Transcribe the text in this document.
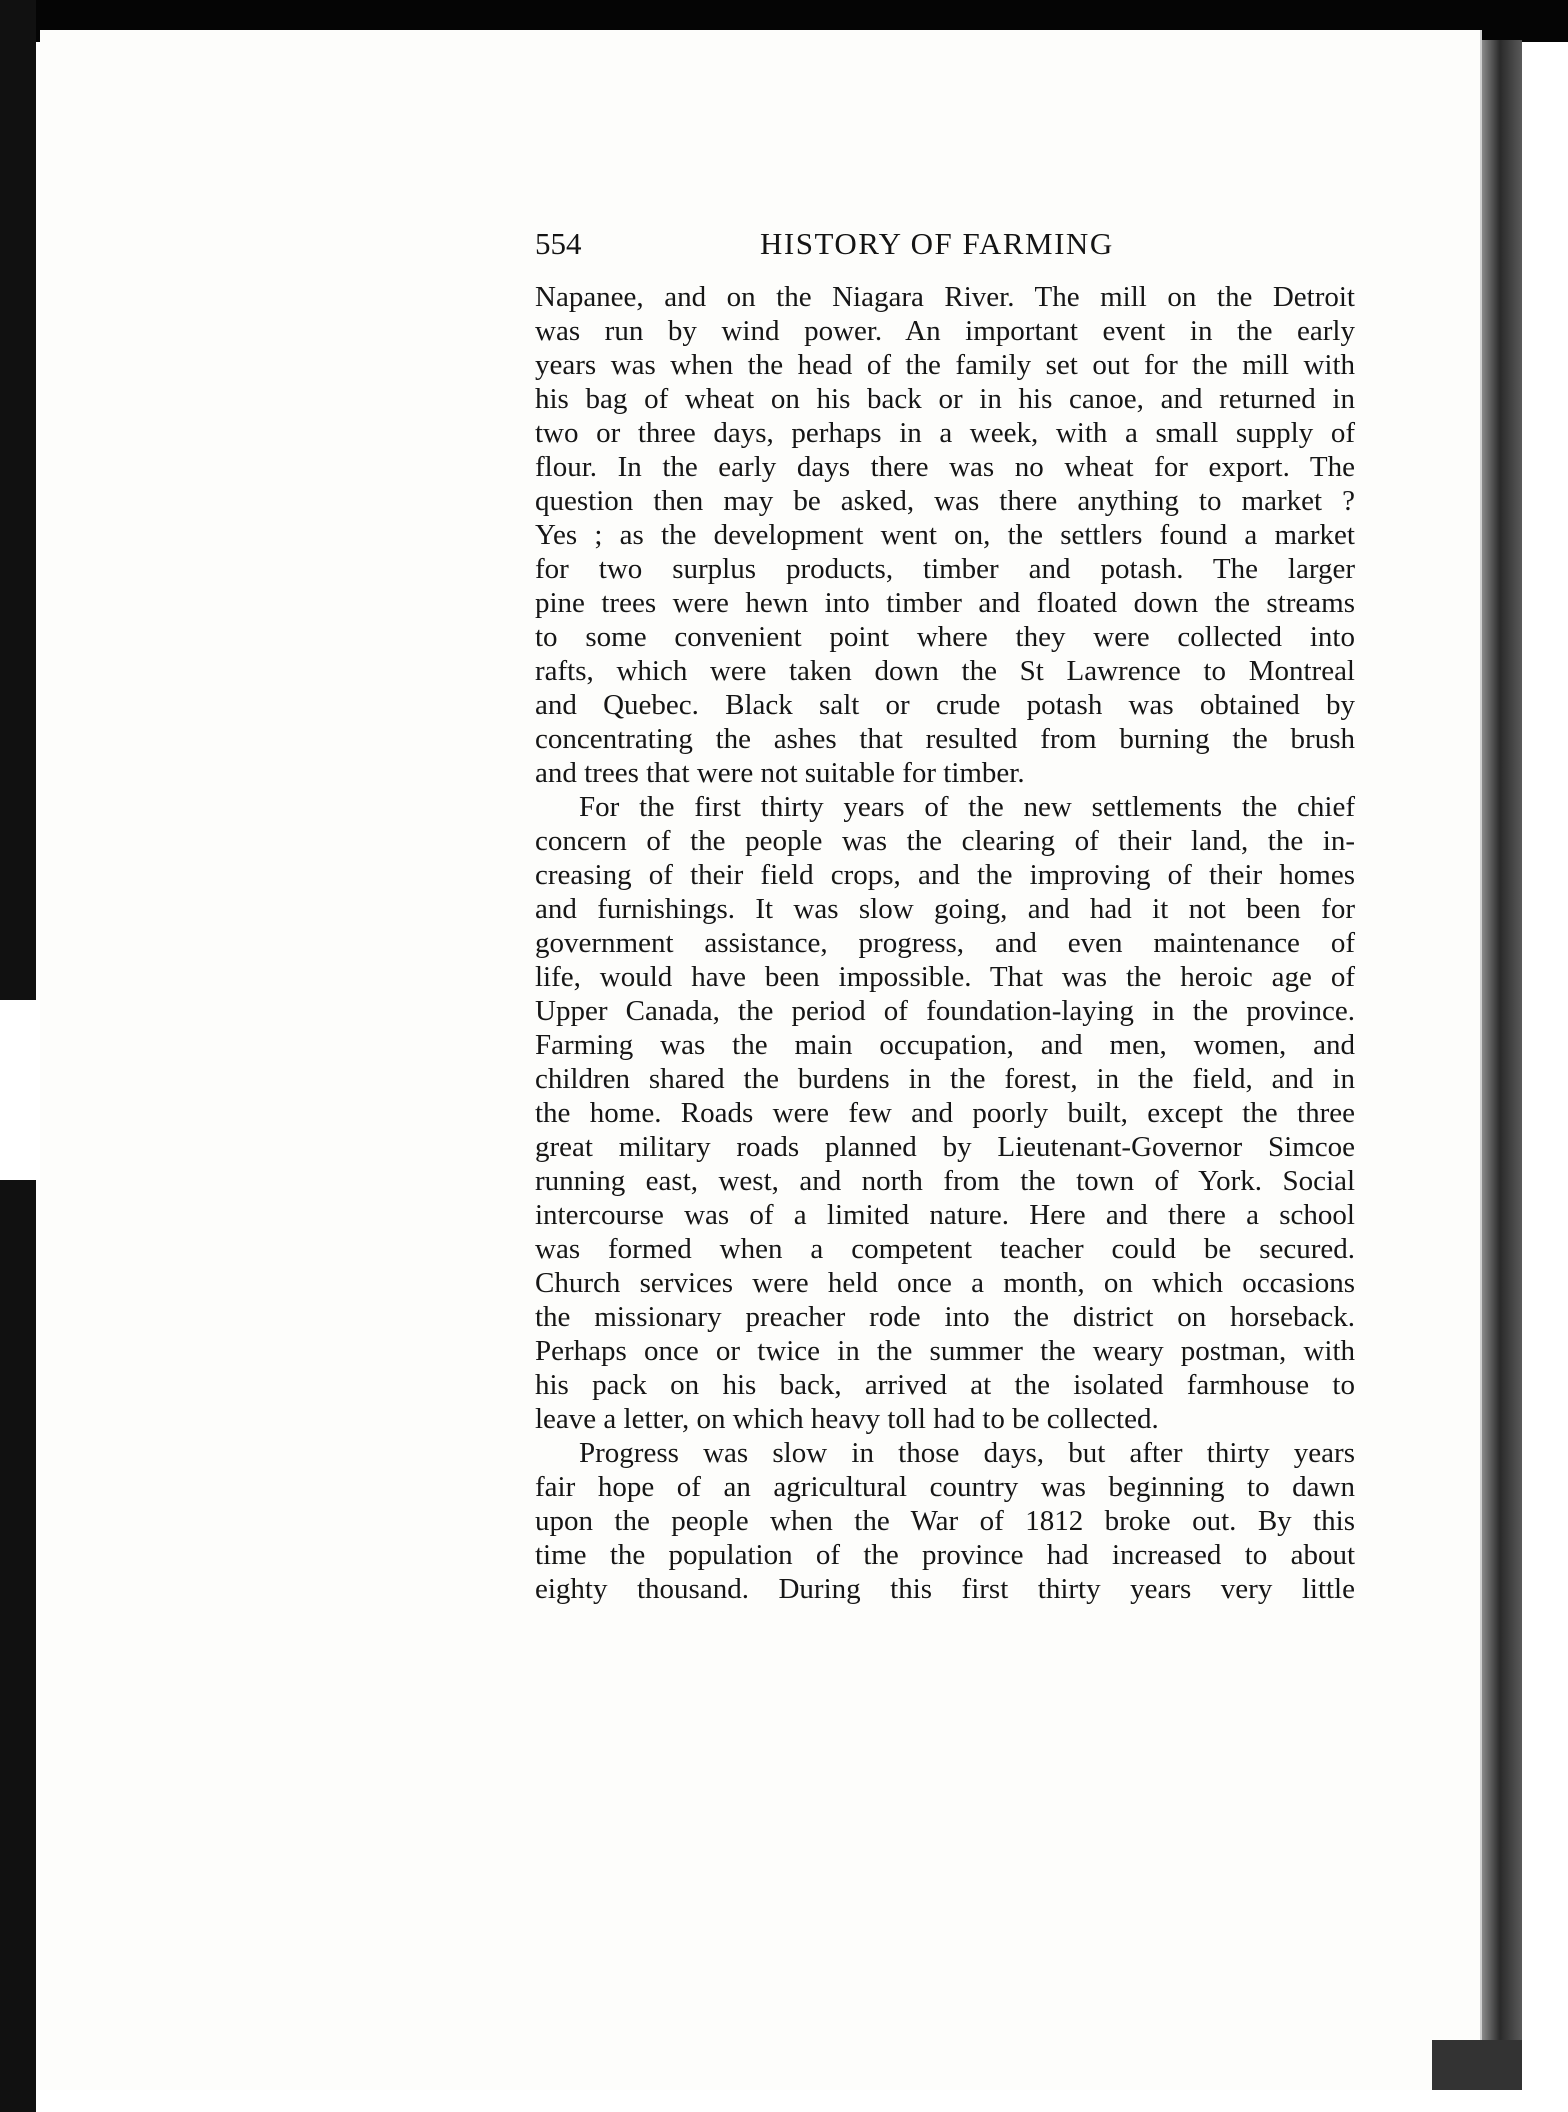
554	HISTORY OF FARMING
Napanee, and on the Niagara River. The mill on the Detroit
was run by wind power. An important event in the early
years was when the head of the family set out for the mill with
his bag of wheat on his back or in his canoe, and returned in
two or three days, perhaps in a week, with a small supply of
flour. In the early days there was no wheat for export. The
question then may be asked, was there anything to market ?
Yes ; as the development went on, the settlers found a market
for two surplus products, timber and potash. The larger
pine trees were hewn into timber and floated down the streams
to some convenient point where they were collected into
rafts, which were taken down the St Lawrence to Montreal
and Quebec. Black salt or crude potash was obtained by
concentrating the ashes that resulted from burning the brush
and trees that were not suitable for timber.
For the first thirty years of the new settlements the chief
concern of the people was the clearing of their land, the in-
creasing of their field crops, and the improving of their homes
and furnishings. It was slow going, and had it not been for
government assistance, progress, and even maintenance of
life, would have been impossible. That was the heroic age of
Upper Canada, the period of foundation-laying in the province.
Farming was the main occupation, and men, women, and
children shared the burdens in the forest, in the field, and in
the home. Roads were few and poorly built, except the three
great military roads planned by Lieutenant-Governor Simcoe
running east, west, and north from the town of York. Social
intercourse was of a limited nature. Here and there a school
was formed when a competent teacher could be secured.
Church services were held once a month, on which occasions
the missionary preacher rode into the district on horseback.
Perhaps once or twice in the summer the weary postman, with
his pack on his back, arrived at the isolated farmhouse to
leave a letter, on which heavy toll had to be collected.
Progress was slow in those days, but after thirty years
fair hope of an agricultural country was beginning to dawn
upon the people when the War of 1812 broke out. By this
time the population of the province had increased to about
eighty thousand. During this first thirty years very little
